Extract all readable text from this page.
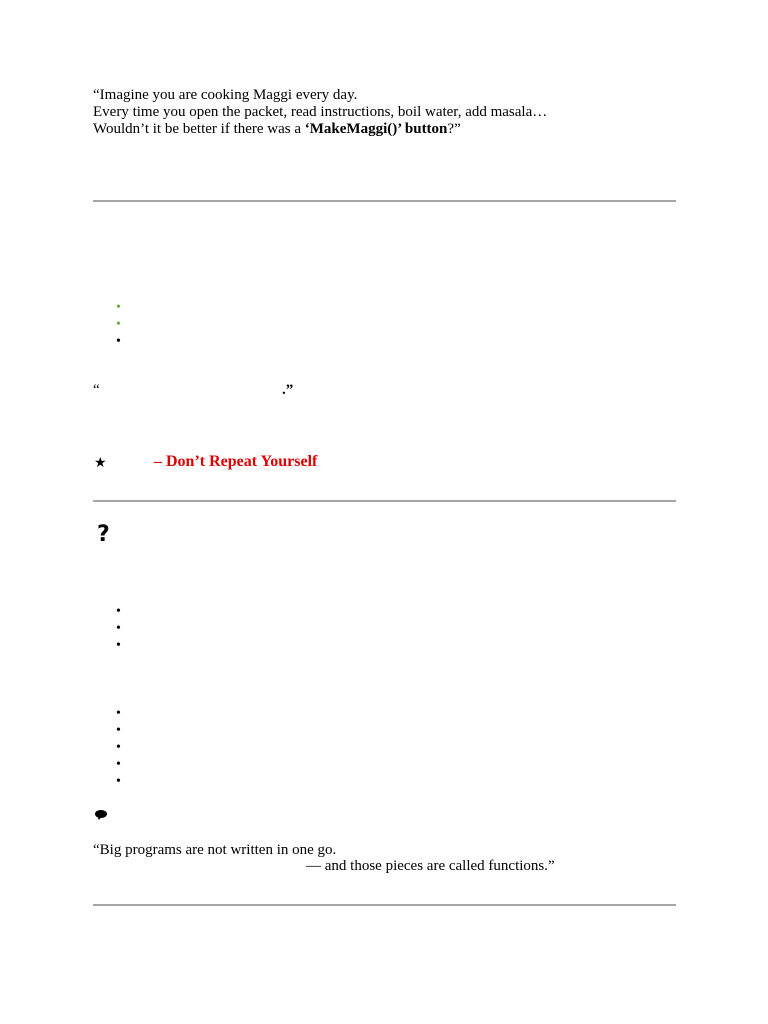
“Imagine you are cooking Maggi every day.
Every time you open the packet, read instructions, boil water, add masala…
Wouldn’t it be better if there was a ‘MakeMaggi()’ button?”
•
•
•
“	.”
★	– Don’t Repeat Yourself
?
•
•
•
•
•
•
•
•
“Big programs are not written in one go.
— and those pieces are called functions.”
